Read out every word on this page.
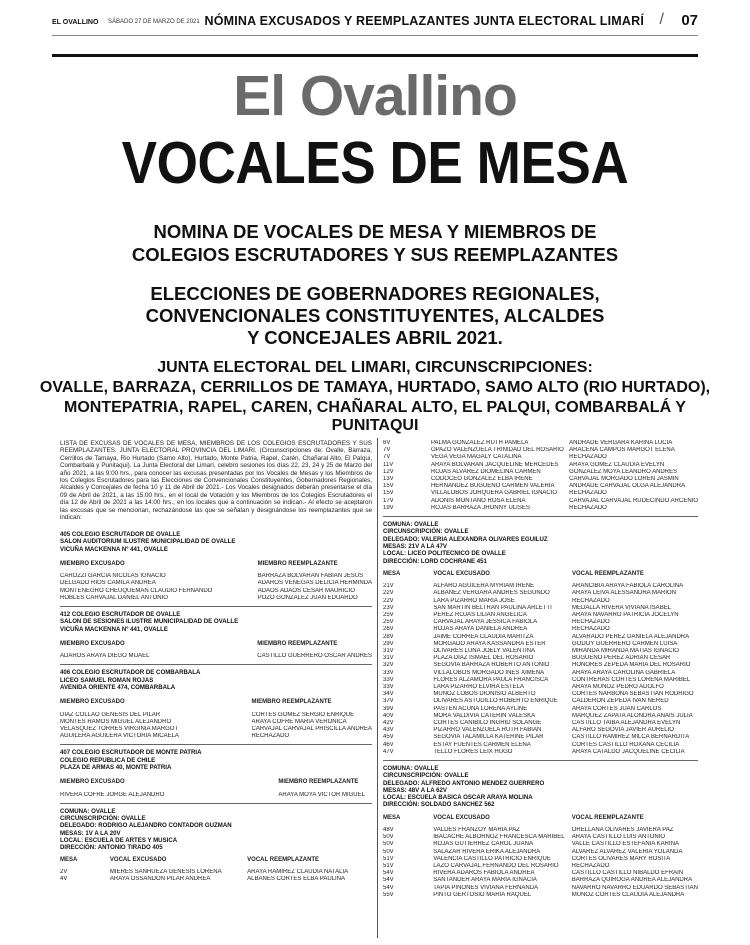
EL OVALLINO SÁBADO 27 DE MARZO DE 2021 NÓMINA EXCUSADOS Y REEMPLAZANTES JUNTA ELECTORAL LIMARÍ / 07
El Ovallino
VOCALES DE MESA
NOMINA DE VOCALES DE MESA Y MIEMBROS DE
COLEGIOS ESCRUTADORES Y SUS REEMPLAZANTES
ELECCIONES DE GOBERNADORES REGIONALES,
CONVENCIONALES CONSTITUYENTES, ALCALDES
Y CONCEJALES ABRIL 2021.
JUNTA ELECTORAL DEL LIMARI, CIRCUNSCRIPCIONES:
OVALLE, BARRAZA, CERRILLOS DE TAMAYA, HURTADO, SAMO ALTO (RIO HURTADO),
MONTEPATRIA, RAPEL, CAREN, CHAÑARAL ALTO, EL PALQUI, COMBARBALÁ Y
PUNITAQUI
LISTA DE EXCUSAS DE VOCALES DE MESA, MIEMBROS DE LOS COLEGIOS ESCRUTADORES Y SUS REEMPLAZANTES. JUNTA ELECTORAL PROVINCIA DEL LIMARI. (Circunscripciones de: Ovalle, Barraza, Cerrillos de Tamaya, Rio Hurtado (Samo Alto), Hurtado, Monte Patria, Rapel, Carén, Chañaral Alto, El Palqui, Combarbalá y Punitaqui). La Junta Electoral del Limarí, celebró sesiones los días 22, 23, 24 y 25 de Marzo del año 2021, a las 9:00 hrs., para conocer las excusas presentadas por los Vocales de Mesas y los Miembros de los Colegios Escrutadores para las Elecciones de Convencionales Constituyentes, Gobernadores Regionales, Alcaldes y Concejales de fecha 10 y 11 de Abril de 2021.- Los Vocales designados deberán presentarse el día 09 de Abril de 2021, a las 15:00 hrs., en el local de Votación y los Miembros de los Colegios Escrutadores el día 12 de Abril de 2021 a las 14:00 hrs., en los locales que a continuación se indican.- Al efecto se aceptaron las excusas que se mencionan, rechazándose las que se señalan y designándose los reemplazantes que se indican:
405 COLEGIO ESCRUTADOR DE OVALLE
SALON AUDITORIUM ILUSTRE MUNICIPALIDAD DE OVALLE
VICUÑA MACKENNA Nº 441, OVALLE
MIEMBRO EXCUSADO	MIEMBRO REEMPLAZANTE
CAROZZI GARCIA NICOLAS IGNACIO	BARRAZA BOLVARAN FABIAN JESUS
DELGADO RIOS CAMILA ANDREA	ADAROS VENEGAS DELICIA HERMINDA
MONTENEGRO CHEUQUEMAN CLAUDIO FERNANDO	ADAOS ADAOS CESAR MAURICIO
ROBLES CARVAJAL DANIEL ANTONIO	POZO GONZALEZ JUAN EDUARDO
412 COLEGIO ESCRUTADOR DE OVALLE
SALON DE SESIONES ILUSTRE MUNICIPALIDAD DE OVALLE
VICUÑA MACKENNA Nº 441, OVALLE
MIEMBRO EXCUSADO	MIEMBRO REEMPLAZANTE
ADAROS ARAYA DIEGO MIJAEL	CASTILLO GUERRERO OSCAR ANDRES
406 COLEGIO ESCRUTADOR DE COMBARBALA
LICEO SAMUEL ROMAN ROJAS
AVENIDA ORIENTE 474, COMBARBALA
MIEMBRO EXCUSADO	MIEMBRO REEMPLAZANTE
DIAZ COLLAO GENESIS DEL PILAR	CORTES GOMEZ SERGIO ENRIQUE
MONTES RAMOS MIGUEL ALEJANDRO	ARAYA COFRE MARIA VERONICA
VELASQUEZ TORRES VIRGINIA MARGOT	CARVAJAL CARVAJAL PRISCILLA ANDREA
AGUILERA AGUILERA VICTORIA MICAELA	RECHAZADO
407 COLEGIO ESCRUTADOR DE MONTE PATRIA
COLEGIO REPUBLICA DE CHILE
PLAZA DE ARMAS 40, MONTE PATRIA
MIEMBRO EXCUSADO	MIEMBRO REEMPLAZANTE
RIVERA COFRE JORGE ALEJANDRO	ARAYA MOYA VICTOR MIGUEL
COMUNA: OVALLE
CIRCUNSCRIPCIÓN: OVALLE
DELEGADO: RODRIGO ALEJANDRO CONTADOR GUZMAN
MESAS: 1V A LA 20V
LOCAL: ESCUELA DE ARTES Y MUSICA
DIRECCIÓN: ANTONIO TIRADO 405
MESA	VOCAL EXCUSADO	VOCAL REEMPLAZANTE
2V	MIERES SANHUEZA GENESIS LORENA	ARAYA RAMIREZ CLAUDIA NATALIA
4V	ARAYA OSSANDON PILAR ANDREA	ALBANES CORTES ELBA PAULINA
6V	PALMA GONZALEZ RUTH PAMELA	ANDRADE VERGARA KARINA LUCIA
7V	OPAZO VALENZUELA TRINIDAD DEL ROSARIO	ARACENA CAMPOS MARGOT ELENA
7V	VEGA VEGA MAGALY CATALINA	RECHAZADO
11V	ARAYA BOLVARAN JACQUELINE MERCEDES	ARAYA GOMEZ CLAUDIA EVELYN
12V	ROJAS ALVAREZ DIOMELINA CARMEN	GONZALEZ MOYA LEANDRO ANDRES
13V	CODOCEO GONZALEZ ELBA IRENE	CARVAJAL MORGADO LOREN JASMIN
15V	HERNANDEZ BUGUEÑO CARMEN VALERIA	ANDRADE CARVAJAL OLGA ALEJANDRA
15V	VILLALOBOS JORQUERA GABRIEL IGNACIO	RECHAZADO
17V	ADONIS MONTAÑO ROSA ELENA	CARVAJAL CARVAJAL RUDECINDO ARCENIO
19V	ROJAS BARRAZA JHONNY ULISES	RECHAZADO
COMUNA: OVALLE
CIRCUNSCRIPCIÓN: OVALLE
DELEGADO: VALERIA ALEXANDRA OLIVARES EGUILUZ
MESAS: 21V A LA 47V
LOCAL: LICEO POLITECNICO DE OVALLE
DIRECCIÓN: LORD COCHRANE 451
MESA	VOCAL EXCUSADO	VOCAL REEMPLAZANTE
21V	ALFARO AGUILERA MYRIAM IRENE	ARANCIBIA ARAYA FABIOLA CAROLINA
22V	ALBANEZ VERGARA ANDRES SEGUNDO	ARAYA LEIVA ALESSANDRA MARION
22V	LARA PIZARRO MARIA JOSE	RECHAZADO
23V	SAN MARTIN BELTRAN PAULINA ARLETTI	MEDALLA RIVERA VIVIANA ISABEL
25V	PEREZ ROJAS LILIAN ANGELICA	ARAYA NAVARRO PATRICIA JOCELYN
25V	CARVAJAL ARAYA JESSICA FABIOLA	RECHAZADO
26V	ROJAS ARAYA DANIELA ANDREA	RECHAZADO
28V	JAIME CORREA CLAUDIA MARITZA	ALVARADO PEREZ DANIELA ALEJANDRA
29V	MORGADO ARAYA KASSANDRA ESTER	GODOY GUERRERO CARMEN LUISA
31V	OLIVARES LUNA JOELY VALENTINA	MIRANDA MIRANDA MATIAS IGNACIO
31V	PLAZA DIAZ ISMAEL DEL ROSARIO	BUGUEÑO PEREZ ADRIAN CESAR
32V	SEGOVIA BARRAZA ROBERTO ANTONIO	HONORES ZEPEDA MARIA DEL ROSARIO
33V	VILLALOBOS MORGADO INES XIMENA	ARAYA ARAYA CAROLINA GABRIELA
33V	FLORES ALZAMORA PAULA FRANCISCA	CONTRERAS CORTES LORENA MARIBEL
33V	LARA PIZARRO ELVIRA ESTELA	ARAYA MUÑOZ PEDRO ADOLFO
34V	MUÑOZ LOBOS DIONISIO ALBERTO	CORTES NARBONA SEBASTIAN RODRIGO
37V	OLIVARES ASTUDILLO ROBERTO ENRIQUE	CALDERON ZEPEDA IVAN NERED
39V	PASTEN ACUÑA LORENA AYLINE	ARAYA CORTES JUAN CARLOS
40V	MORA VALDIVIA CATERIN VALESKA	MARQUEZ ZAPATA ALONDRA ANAIS JULIA
42V	CORTES CANIBILO INGRID SOLANGE	CASTILLO TAIBA ALEJANDRA EVELYN
43V	PIZARRO VALENZUELA RUTH FABIAN	ALFARO SEGOVIA JAVIER AURELIO
45V	SEGOVIA TALAMILLA KATERINE PILAR	CASTILLO RAMIREZ MILCA BERNARDITA
46V	ESTAY FUENTES CARMEN ELENA	CORTES CASTILLO ROXANA CECILIA
47V	TELLO FLORES LEIX HUGO	ARAYA CATALDO JACQUELINE CECILIA
COMUNA: OVALLE
CIRCUNSCRIPCIÓN: OVALLE
DELEGADO: ALFREDO ANTONIO MENDEZ GUERRERO
MESAS: 48V A LA 62V
LOCAL: ESCUELA BASICA OSCAR ARAYA MOLINA
DIRECCIÓN: SOLDADO SANCHEZ 562
MESA	VOCAL EXCUSADO	VOCAL REEMPLAZANTE
48V	VALDES FRANZOY MARIA PAZ	ORELLANA OLIVARES JAVIERA PAZ
50V	IBACACHE ALBORNOZ FRANCESCA MARIBEL	ARAYA CASTILLO LUIS ANTONIO
50V	ROJAS GUTIERREZ CAROL JUANA	VALLE CASTILLO ESTEFANIA KARINA
50V	SALAZAR RIVERA ERIKA ALEJANDRA	ALVAREZ ALVAREZ VALERIA YOLANDA
51V	VALENCIA CASTILLO PATRICIO ENRIQUE	CORTES OLIVARES MARY ROSITA
51V	LAZO CARVAJAL FERNANDO DEL ROSARIO	RECHAZADO
54V	RIVERA ADAROS FABIOLA ANDREA	CASTILLO CASTILLO NIBALDO EFRAIN
54V	SANTANDER ARAYA MARIA IGNACIA	BARRAZA QUIROGA ANDREA ALEJANDRA
54V	TAPIA PIÑONES VIVIANA FERNANDA	NAVARRO NAVARRO EDUARDO SEBASTIAN
55V	PINTO GERTOSIO MARIA RAQUEL	MUÑOZ CORTES CLAUDIA ALEJANDRA
